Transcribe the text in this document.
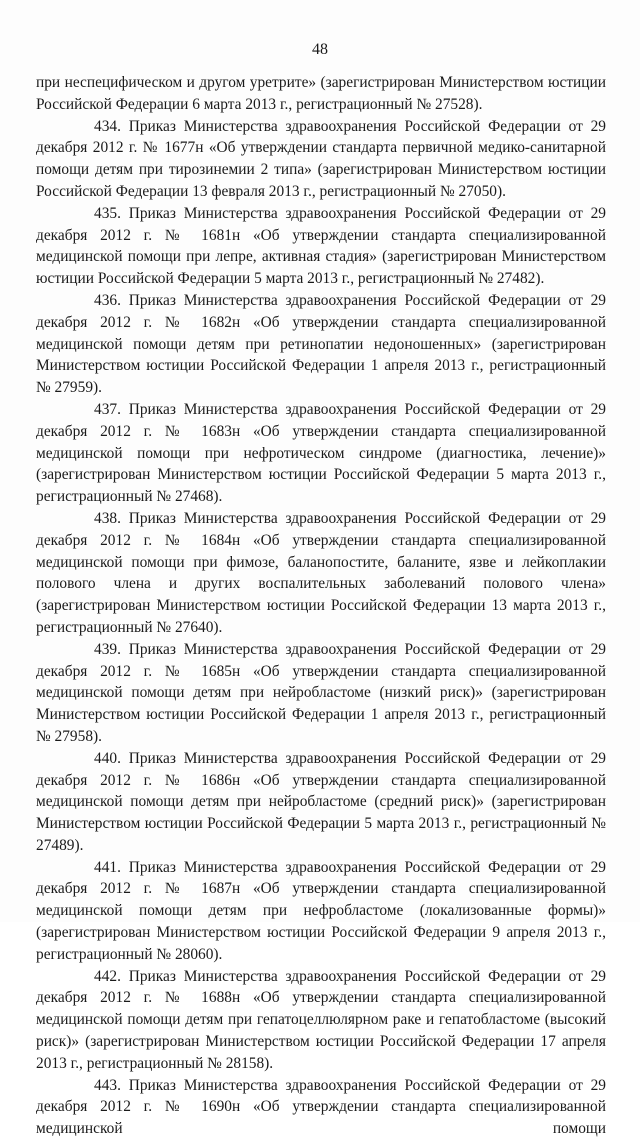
48

при неспецифическом и другом уретрите» (зарегистрирован Министерством юстиции Российской Федерации 6 марта 2013 г., регистрационный № 27528).

434. Приказ Министерства здравоохранения Российской Федерации от 29 декабря 2012 г. № 1677н «Об утверждении стандарта первичной медико-санитарной помощи детям при тирозинемии 2 типа» (зарегистрирован Министерством юстиции Российской Федерации 13 февраля 2013 г., регистрационный № 27050).

435. Приказ Министерства здравоохранения Российской Федерации от 29 декабря 2012 г. № 1681н «Об утверждении стандарта специализированной медицинской помощи при лепре, активная стадия» (зарегистрирован Министерством юстиции Российской Федерации 5 марта 2013 г., регистрационный № 27482).

436. Приказ Министерства здравоохранения Российской Федерации от 29 декабря 2012 г. № 1682н «Об утверждении стандарта специализированной медицинской помощи детям при ретинопатии недоношенных» (зарегистрирован Министерством юстиции Российской Федерации 1 апреля 2013 г., регистрационный № 27959).

437. Приказ Министерства здравоохранения Российской Федерации от 29 декабря 2012 г. № 1683н «Об утверждении стандарта специализированной медицинской помощи при нефротическом синдроме (диагностика, лечение)» (зарегистрирован Министерством юстиции Российской Федерации 5 марта 2013 г., регистрационный № 27468).

438. Приказ Министерства здравоохранения Российской Федерации от 29 декабря 2012 г. № 1684н «Об утверждении стандарта специализированной медицинской помощи при фимозе, баланопостите, баланите, язве и лейкоплакии полового члена и других воспалительных заболеваний полового члена» (зарегистрирован Министерством юстиции Российской Федерации 13 марта 2013 г., регистрационный № 27640).

439. Приказ Министерства здравоохранения Российской Федерации от 29 декабря 2012 г. № 1685н «Об утверждении стандарта специализированной медицинской помощи детям при нейробластоме (низкий риск)» (зарегистрирован Министерством юстиции Российской Федерации 1 апреля 2013 г., регистрационный № 27958).

440. Приказ Министерства здравоохранения Российской Федерации от 29 декабря 2012 г. № 1686н «Об утверждении стандарта специализированной медицинской помощи детям при нейробластоме (средний риск)» (зарегистрирован Министерством юстиции Российской Федерации 5 марта 2013 г., регистрационный № 27489).

441. Приказ Министерства здравоохранения Российской Федерации от 29 декабря 2012 г. № 1687н «Об утверждении стандарта специализированной медицинской помощи детям при нефробластоме (локализованные формы)» (зарегистрирован Министерством юстиции Российской Федерации 9 апреля 2013 г., регистрационный № 28060).

442. Приказ Министерства здравоохранения Российской Федерации от 29 декабря 2012 г. № 1688н «Об утверждении стандарта специализированной медицинской помощи детям при гепатоцеллюлярном раке и гепатобластоме (высокий риск)» (зарегистрирован Министерством юстиции Российской Федерации 17 апреля 2013 г., регистрационный № 28158).

443. Приказ Министерства здравоохранения Российской Федерации от 29 декабря 2012 г. № 1690н «Об утверждении стандарта специализированной медицинской помощи
